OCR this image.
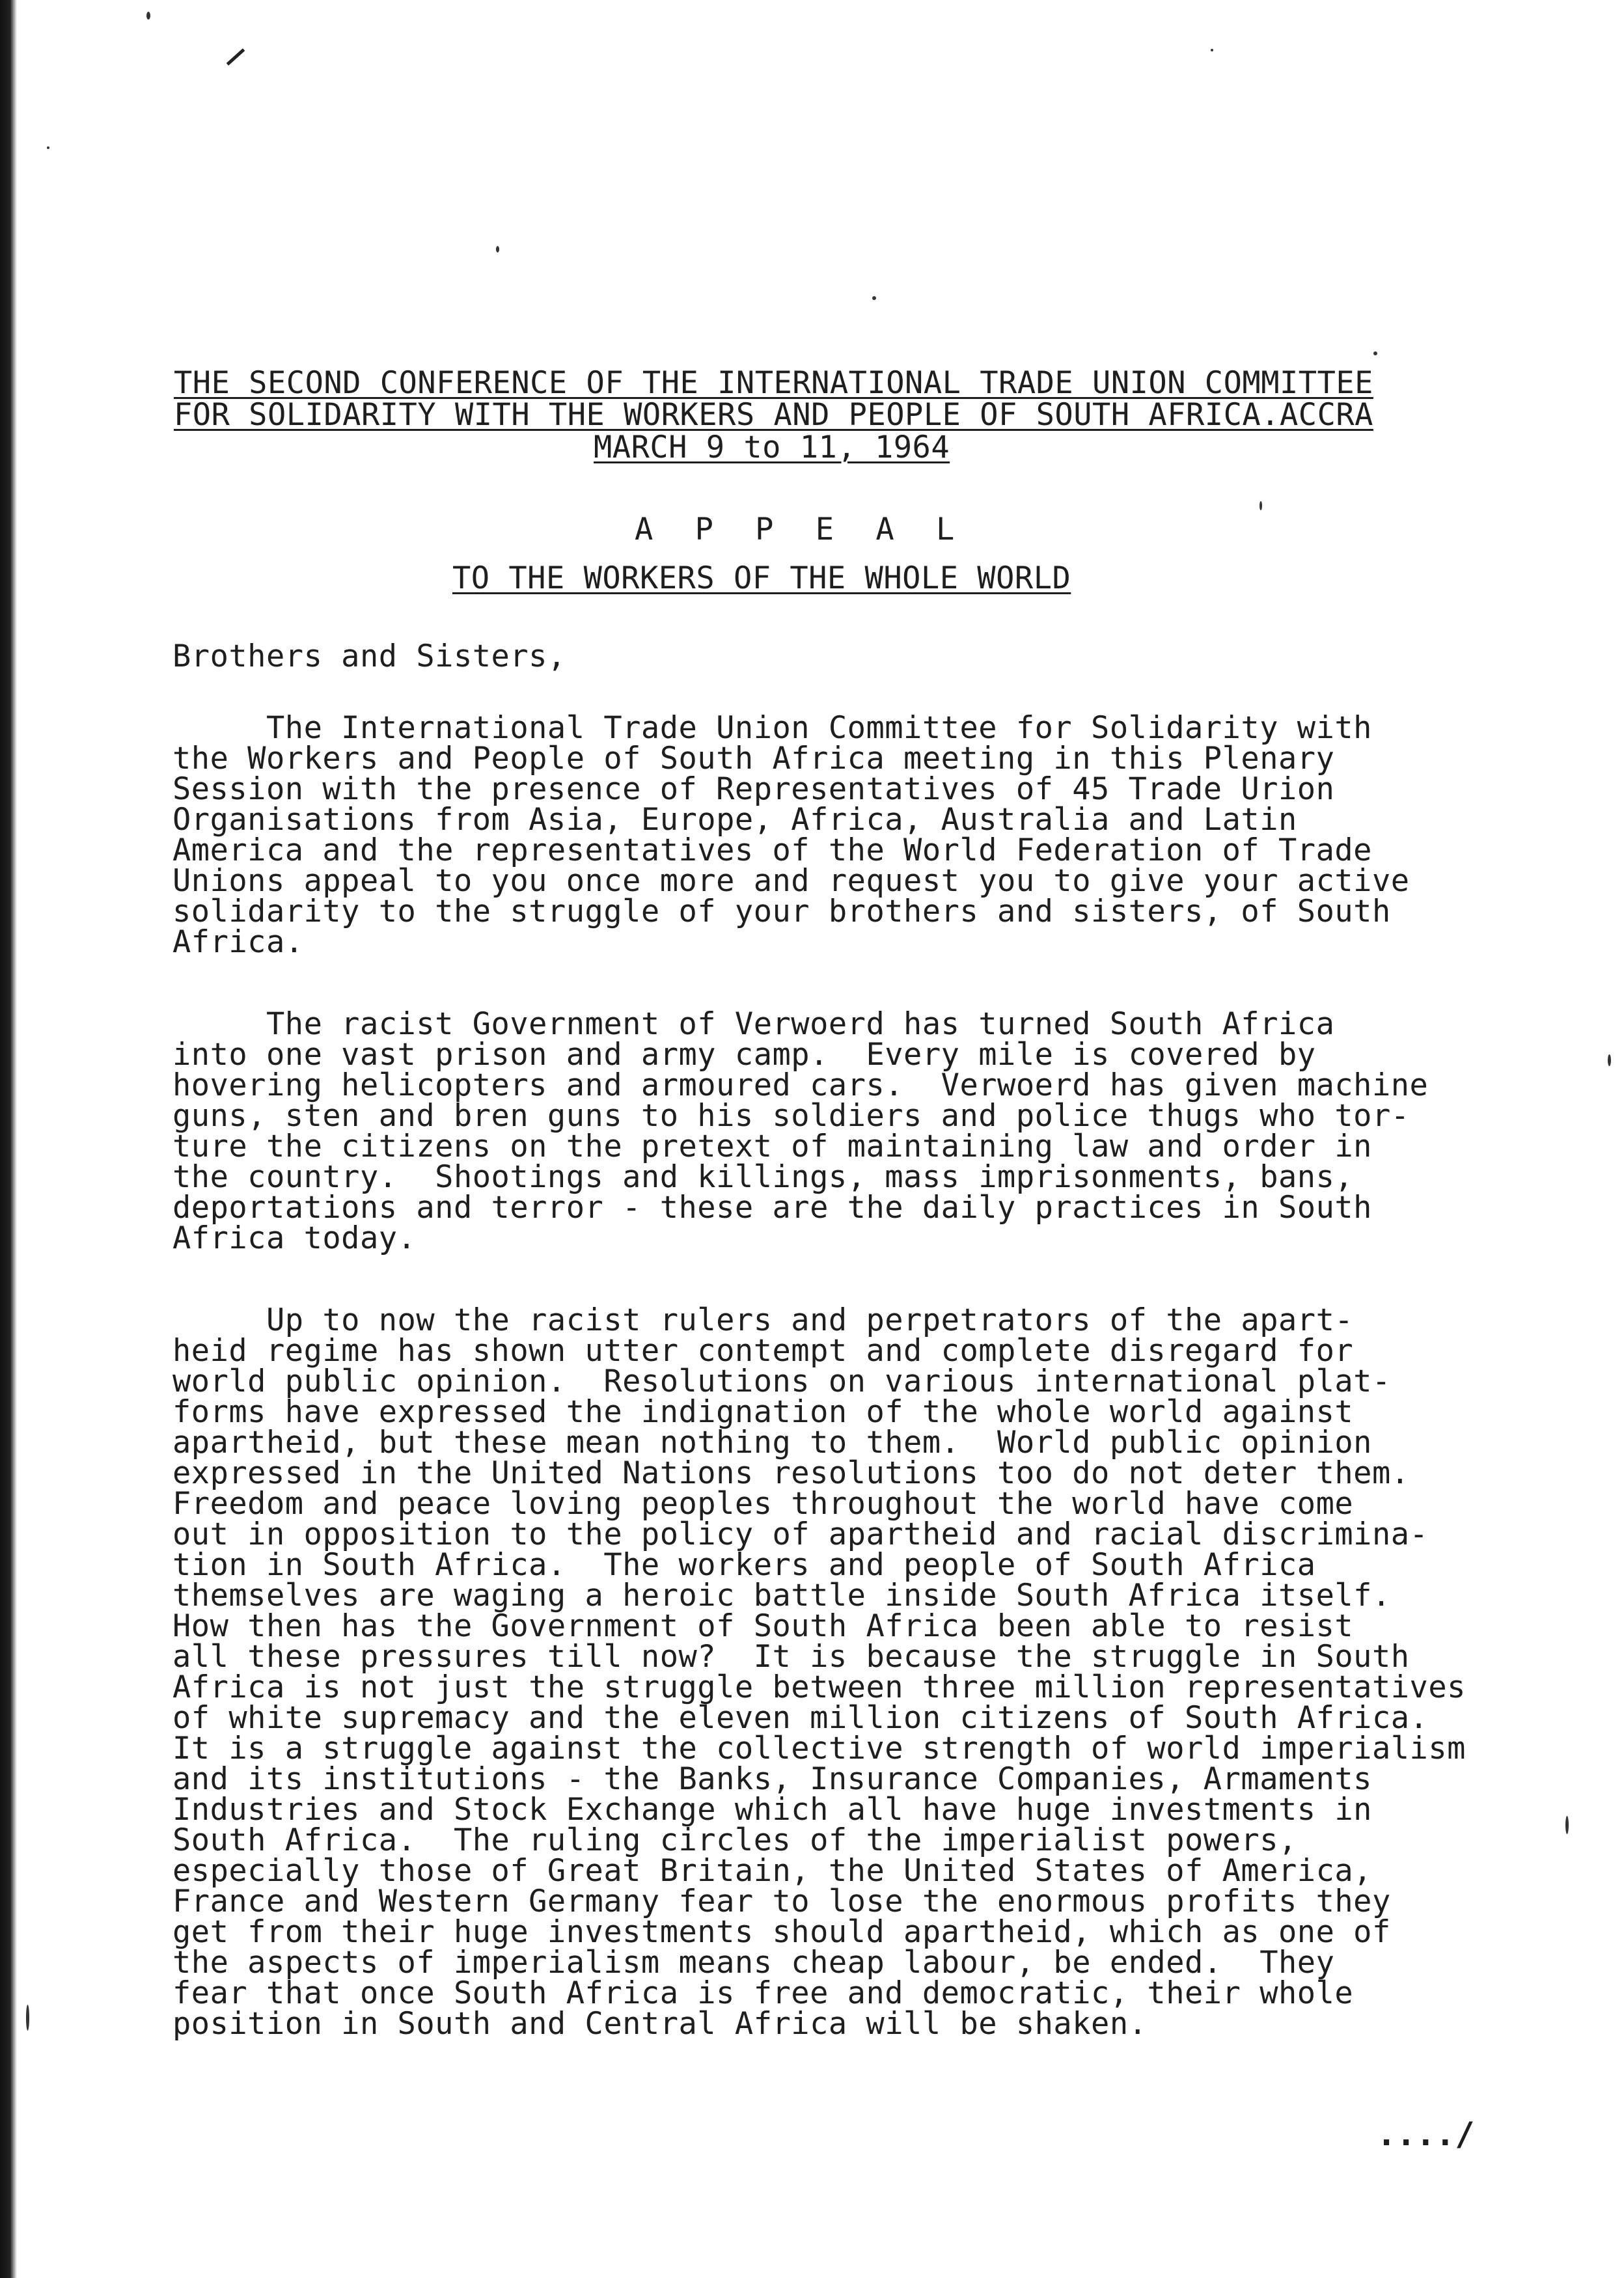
THE SECOND CONFERENCE OF THE INTERNATIONAL TRADE UNION COMMITTEE
FOR SOLIDARITY WITH THE WORKERS AND PEOPLE OF SOUTH AFRICA.ACCRA
MARCH 9 to 11, 1964
A P P E A L
TO THE WORKERS OF THE WHOLE WORLD
Brothers and Sisters,
The International Trade Union Committee for Solidarity with
the Workers and People of South Africa meeting in this Plenary
Session with the presence of Representatives of 45 Trade Urion
Organisations from Asia, Europe, Africa, Australia and Latin
America and the representatives of the World Federation of Trade
Unions appeal to you once more and request you to give your active
solidarity to the struggle of your brothers and sisters, of South
Africa.
The racist Government of Verwoerd has turned South Africa
into one vast prison and army camp.  Every mile is covered by
hovering helicopters and armoured cars.  Verwoerd has given machine
guns, sten and bren guns to his soldiers and police thugs who tor-
ture the citizens on the pretext of maintaining law and order in
the country.  Shootings and killings, mass imprisonments, bans,
deportations and terror - these are the daily practices in South
Africa today.
Up to now the racist rulers and perpetrators of the apart-
heid regime has shown utter contempt and complete disregard for
world public opinion.  Resolutions on various international plat-
forms have expressed the indignation of the whole world against
apartheid, but these mean nothing to them.  World public opinion
expressed in the United Nations resolutions too do not deter them.
Freedom and peace loving peoples throughout the world have come
out in opposition to the policy of apartheid and racial discrimina-
tion in South Africa.  The workers and people of South Africa
themselves are waging a heroic battle inside South Africa itself.
How then has the Government of South Africa been able to resist
all these pressures till now?  It is because the struggle in South
Africa is not just the struggle between three million representatives
of white supremacy and the eleven million citizens of South Africa.
It is a struggle against the collective strength of world imperialism
and its institutions - the Banks, Insurance Companies, Armaments
Industries and Stock Exchange which all have huge investments in
South Africa.  The ruling circles of the imperialist powers,
especially those of Great Britain, the United States of America,
France and Western Germany fear to lose the enormous profits they
get from their huge investments should apartheid, which as one of
the aspects of imperialism means cheap labour, be ended.  They
fear that once South Africa is free and democratic, their whole
position in South and Central Africa will be shaken.
..../
